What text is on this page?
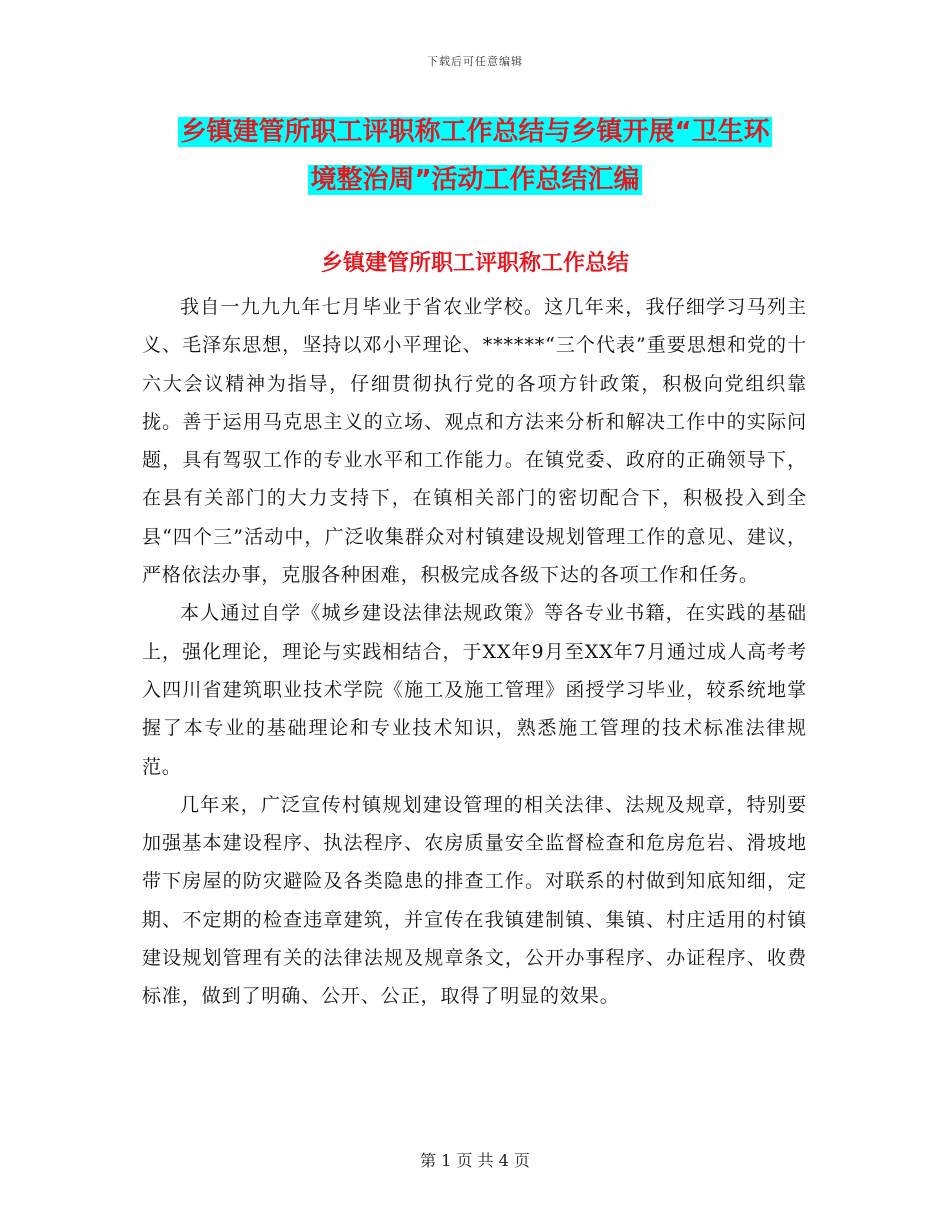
下载后可任意编辑
乡镇建管所职工评职称工作总结与乡镇开展“卫生环
境整治周”活动工作总结汇编
乡镇建管所职工评职称工作总结

我自一九九九年七月毕业于省农业学校。这几年来，我仔细学习马列主义、毛泽东思想，坚持以邓小平理论、******“三个代表”重要思想和党的十六大会议精神为指导，仔细贯彻执行党的各项方针政策，积极向党组织靠拢。善于运用马克思主义的立场、观点和方法来分析和解决工作中的实际问题，具有驾驭工作的专业水平和工作能力。在镇党委、政府的正确领导下，在县有关部门的大力支持下，在镇相关部门的密切配合下，积极投入到全县“四个三”活动中，广泛收集群众对村镇建设规划管理工作的意见、建议，严格依法办事，克服各种困难，积极完成各级下达的各项工作和任务。

本人通过自学《城乡建设法律法规政策》等各专业书籍，在实践的基础上，强化理论，理论与实践相结合，于XX年9月至XX年7月通过成人高考考入四川省建筑职业技术学院《施工及施工管理》函授学习毕业，较系统地掌握了本专业的基础理论和专业技术知识，熟悉施工管理的技术标准法律规范。

几年来，广泛宣传村镇规划建设管理的相关法律、法规及规章，特别要加强基本建设程序、执法程序、农房质量安全监督检查和危房危岩、滑坡地带下房屋的防灾避险及各类隐患的排查工作。对联系的村做到知底知细，定期、不定期的检查违章建筑，并宣传在我镇建制镇、集镇、村庄适用的村镇建设规划管理有关的法律法规及规章条文，公开办事程序、办证程序、收费标准，做到了明确、公开、公正，取得了明显的效果。

第 1 页 共 4 页
